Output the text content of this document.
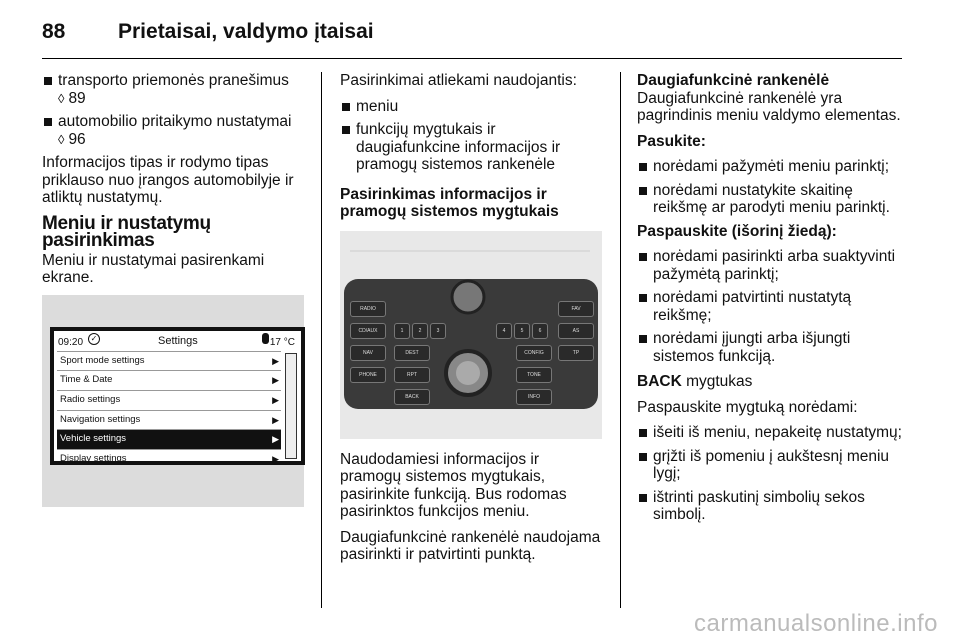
88	Prietaisai, valdymo įtaisai
transporto priemonės pranešimus
◊ 89
automobilio pritaikymo nustatymai
◊ 96

Informacijos tipas ir rodymo tipas priklauso nuo įrangos automobilyje ir atliktų nustatymų.

Meniu ir nustatymų pasirinkimas

Meniu ir nustatymai pasirenkami ekrane.

09:20 ✓	Settings	17 °C
Sport mode settings	▶
Time & Date	▶
Radio settings	▶
Navigation settings	▶
Vehicle settings	▶
Display settings	▶

Pasirinkimai atliekami naudojantis:

meniu
funkcijų mygtukais ir daugiafunkcine informacijos ir pramogų sistemos rankenėle
Pasirinkimas informacijos ir pramogų sistemos mygtukais
RADIO
CD/AUX
NAV
PHONE
DEST
RPT
BACK
CONFIG
TONE
INFO
FAV
AS
TP
1	2	3	4	5	6

Naudodamiesi informacijos ir pramogų sistemos mygtukais, pasirinkite funkciją. Bus rodomas pasirinktos funkcijos meniu.

Daugiafunkcinė rankenėlė naudojama pasirinkti ir patvirtinti punktą.

Daugiafunkcinė rankenėlė

Daugiafunkcinė rankenėlė yra pagrindinis meniu valdymo elementas.

Pasukite:
norėdami pažymėti meniu parinktį;
norėdami nustatykite skaitinę reikšmę ar parodyti meniu parinktį.
Paspauskite (išorinį žiedą):
norėdami pasirinkti arba suaktyvinti pažymėtą parinktį;
norėdami patvirtinti nustatytą reikšmę;
norėdami įjungti arba išjungti sistemos funkciją.

BACK mygtukas

Paspauskite mygtuką norėdami:

išeiti iš meniu, nepakeitę nustatymų;
grįžti iš pomeniu į aukštesnį meniu lygį;
ištrinti paskutinį simbolių sekos simbolį.
carmanualsonline.info
